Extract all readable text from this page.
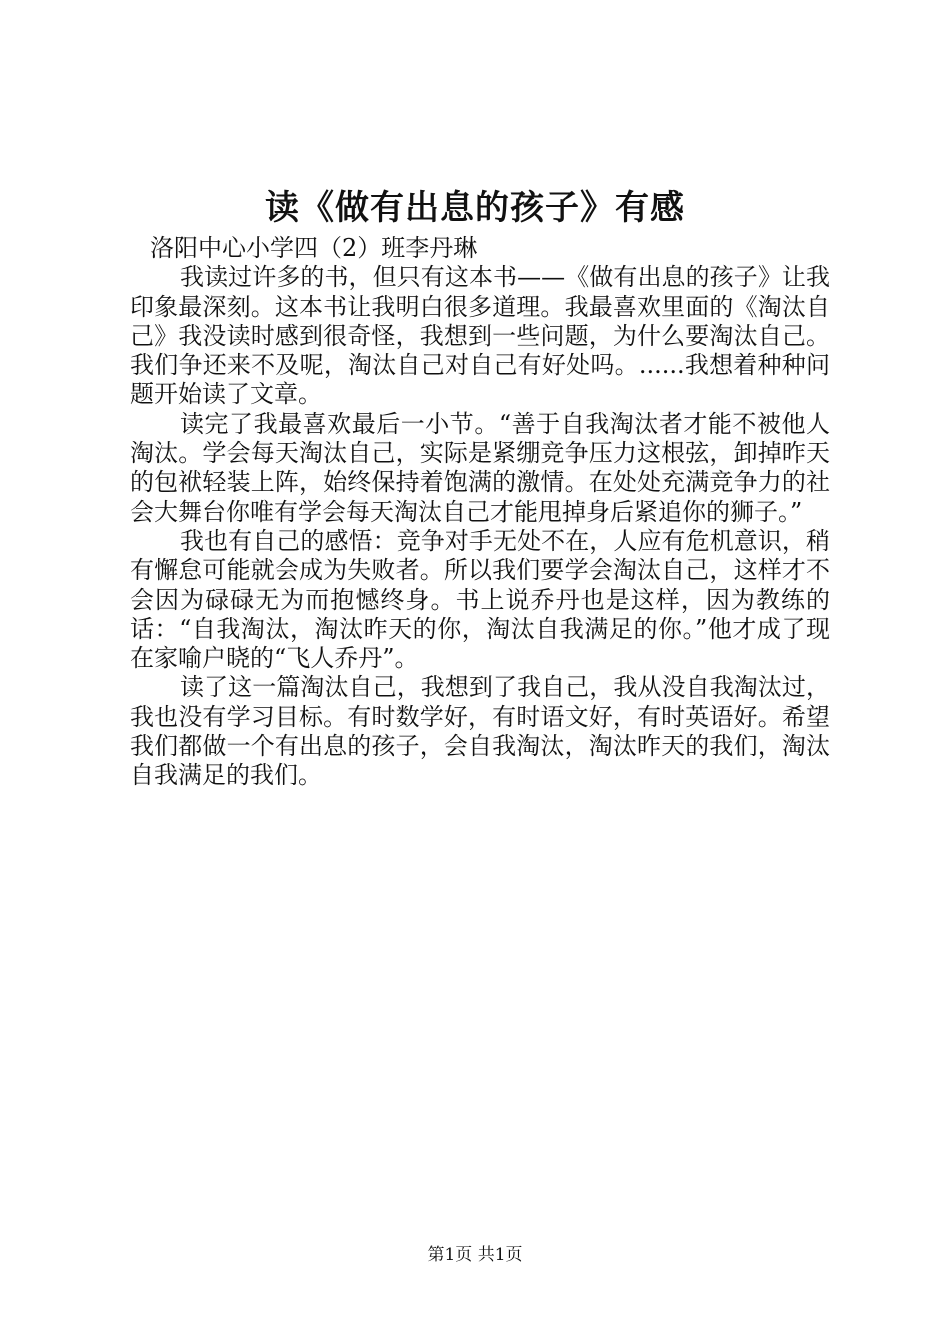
读《做有出息的孩子》有感

洛阳中心小学四（2）班李丹琳

我读过许多的书，但只有这本书——《做有出息的孩子》让我印象最深刻。这本书让我明白很多道理。我最喜欢里面的《淘汰自己》我没读时感到很奇怪，我想到一些问题，为什么要淘汰自己。我们争还来不及呢，淘汰自己对自己有好处吗。......我想着种种问题开始读了文章。

读完了我最喜欢最后一小节。“善于自我淘汰者才能不被他人淘汰。学会每天淘汰自己，实际是紧绷竞争压力这根弦，卸掉昨天的包袱轻装上阵，始终保持着饱满的激情。在处处充满竞争力的社会大舞台你唯有学会每天淘汰自己才能甩掉身后紧追你的狮子。”

我也有自己的感悟：竞争对手无处不在，人应有危机意识，稍有懈怠可能就会成为失败者。所以我们要学会淘汰自己，这样才不会因为碌碌无为而抱憾终身。书上说乔丹也是这样，因为教练的话：“自我淘汰，淘汰昨天的你，淘汰自我满足的你。”他才成了现在家喻户晓的“飞人乔丹”。

读了这一篇淘汰自己，我想到了我自己，我从没自我淘汰过，我也没有学习目标。有时数学好，有时语文好，有时英语好。希望我们都做一个有出息的孩子，会自我淘汰，淘汰昨天的我们，淘汰自我满足的我们。

第1页 共1页
